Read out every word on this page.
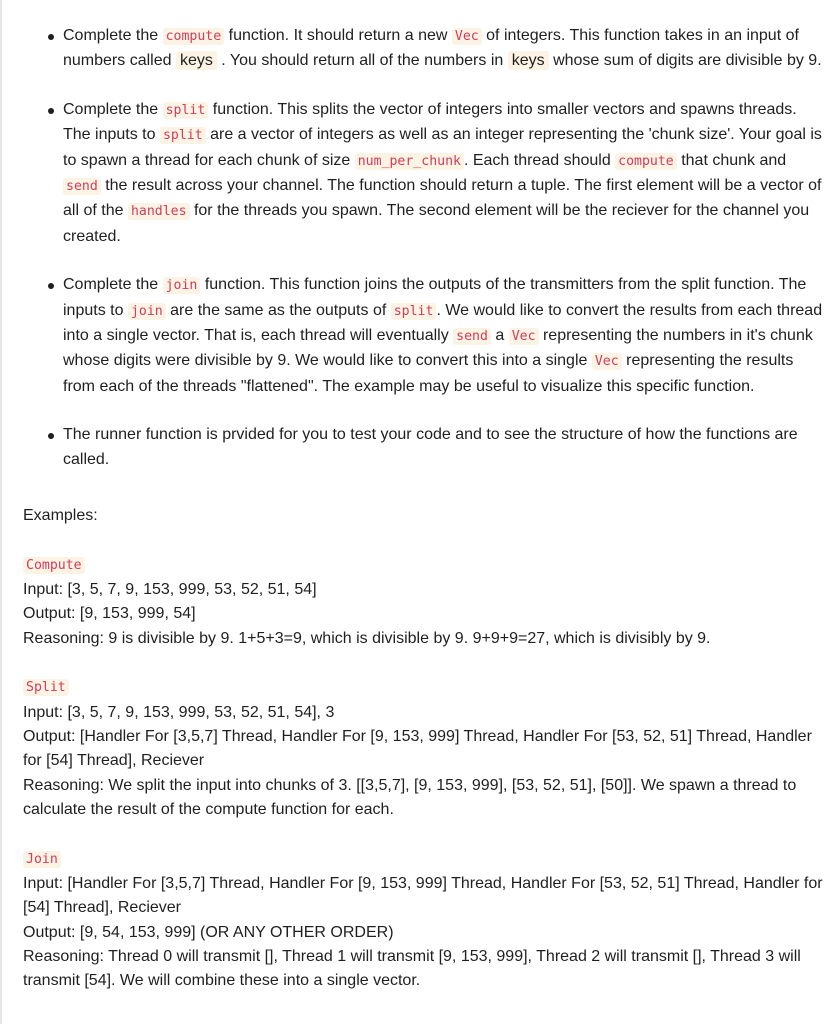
Complete the compute function. It should return a new Vec of integers. This function takes in an input of numbers called keys . You should return all of the numbers in keys whose sum of digits are divisible by 9.
Complete the split function. This splits the vector of integers into smaller vectors and spawns threads. The inputs to split are a vector of integers as well as an integer representing the 'chunk size'. Your goal is to spawn a thread for each chunk of size num_per_chunk . Each thread should compute that chunk and send the result across your channel. The function should return a tuple. The first element will be a vector of all of the handles for the threads you spawn. The second element will be the reciever for the channel you created.
Complete the join function. This function joins the outputs of the transmitters from the split function. The inputs to join are the same as the outputs of split . We would like to convert the results from each thread into a single vector. That is, each thread will eventually send a Vec representing the numbers in it's chunk whose digits were divisible by 9. We would like to convert this into a single Vec representing the results from each of the threads "flattened". The example may be useful to visualize this specific function.
The runner function is prvided for you to test your code and to see the structure of how the functions are called.
Examples:
Compute
Input: [3, 5, 7, 9, 153, 999, 53, 52, 51, 54]
Output: [9, 153, 999, 54]
Reasoning: 9 is divisible by 9. 1+5+3=9, which is divisible by 9. 9+9+9=27, which is divisibly by 9.
Split
Input: [3, 5, 7, 9, 153, 999, 53, 52, 51, 54], 3
Output: [Handler For [3,5,7] Thread, Handler For [9, 153, 999] Thread, Handler For [53, 52, 51] Thread, Handler for [54] Thread], Reciever
Reasoning: We split the input into chunks of 3. [[3,5,7], [9, 153, 999], [53, 52, 51], [50]]. We spawn a thread to calculate the result of the compute function for each.
Join
Input: [Handler For [3,5,7] Thread, Handler For [9, 153, 999] Thread, Handler For [53, 52, 51] Thread, Handler for [54] Thread], Reciever
Output: [9, 54, 153, 999] (OR ANY OTHER ORDER)
Reasoning: Thread 0 will transmit [], Thread 1 will transmit [9, 153, 999], Thread 2 will transmit [], Thread 3 will transmit [54]. We will combine these into a single vector.
